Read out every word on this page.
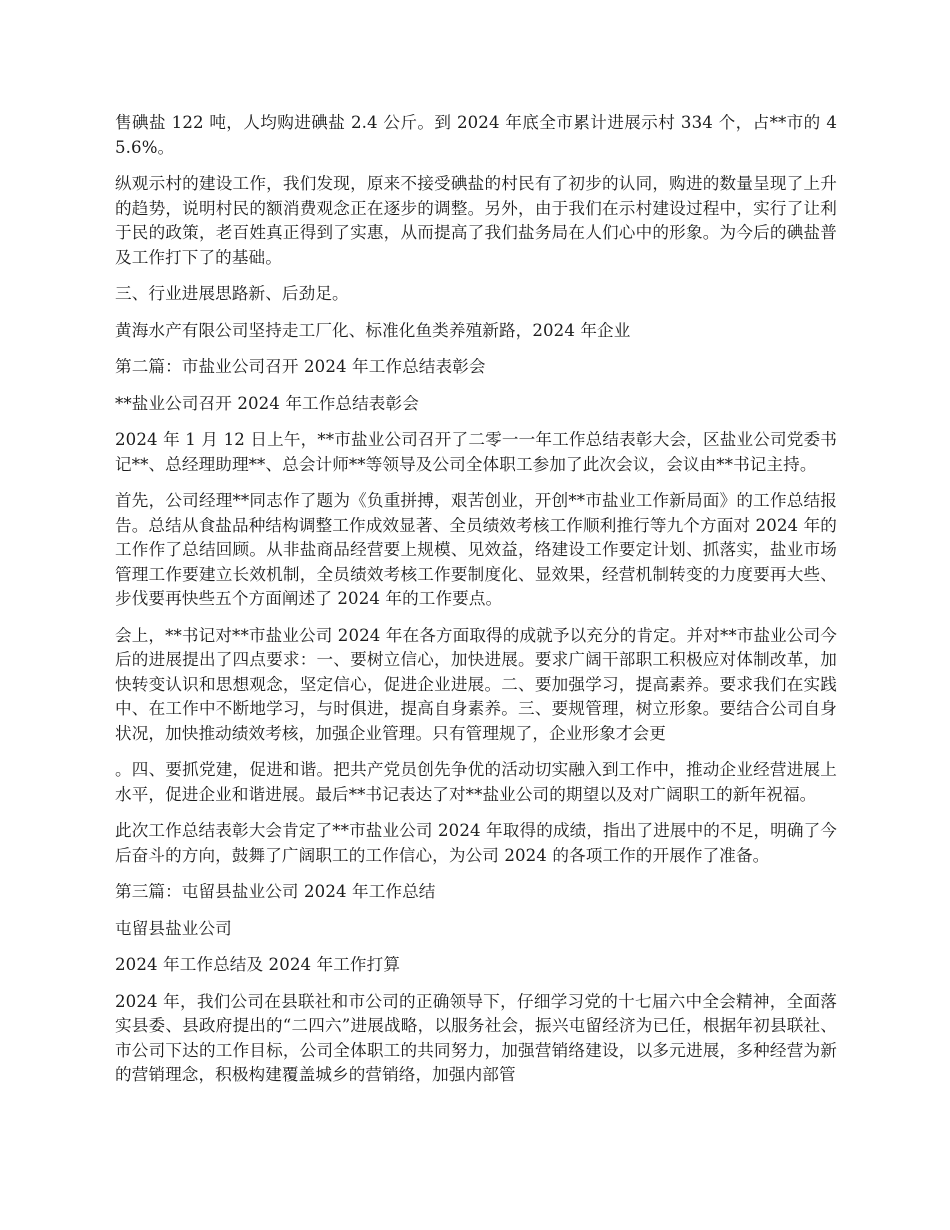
售碘盐 122 吨，人均购进碘盐 2.4 公斤。到 2024 年底全市累计进展示村 334 个，占**市的 45.6%。

纵观示村的建设工作，我们发现，原来不接受碘盐的村民有了初步的认同，购进的数量呈现了上升的趋势，说明村民的额消费观念正在逐步的调整。另外，由于我们在示村建设过程中，实行了让利于民的政策，老百姓真正得到了实惠，从而提高了我们盐务局在人们心中的形象。为今后的碘盐普及工作打下了的基础。

三、行业进展思路新、后劲足。

黄海水产有限公司坚持走工厂化、标准化鱼类养殖新路，2024 年企业

第二篇：市盐业公司召开 2024 年工作总结表彰会

**盐业公司召开 2024 年工作总结表彰会

2024 年 1 月 12 日上午，**市盐业公司召开了二零一一年工作总结表彰大会，区盐业公司党委书记**、总经理助理**、总会计师**等领导及公司全体职工参加了此次会议，会议由**书记主持。

首先，公司经理**同志作了题为《负重拼搏，艰苦创业，开创**市盐业工作新局面》的工作总结报告。总结从食盐品种结构调整工作成效显著、全员绩效考核工作顺利推行等九个方面对 2024 年的工作作了总结回顾。从非盐商品经营要上规模、见效益，络建设工作要定计划、抓落实，盐业市场管理工作要建立长效机制，全员绩效考核工作要制度化、显效果，经营机制转变的力度要再大些、步伐要再快些五个方面阐述了 2024 年的工作要点。

会上，**书记对**市盐业公司 2024 年在各方面取得的成就予以充分的肯定。并对**市盐业公司今后的进展提出了四点要求：一、要树立信心，加快进展。要求广阔干部职工积极应对体制改革，加快转变认识和思想观念，坚定信心，促进企业进展。二、要加强学习，提高素养。要求我们在实践中、在工作中不断地学习，与时俱进，提高自身素养。三、要规管理，树立形象。要结合公司自身状况，加快推动绩效考核，加强企业管理。只有管理规了，企业形象才会更

。四、要抓党建，促进和谐。把共产党员创先争优的活动切实融入到工作中，推动企业经营进展上水平，促进企业和谐进展。最后**书记表达了对**盐业公司的期望以及对广阔职工的新年祝福。

此次工作总结表彰大会肯定了**市盐业公司 2024 年取得的成绩，指出了进展中的不足，明确了今后奋斗的方向，鼓舞了广阔职工的工作信心，为公司 2024 的各项工作的开展作了准备。

第三篇：屯留县盐业公司 2024 年工作总结

屯留县盐业公司

2024 年工作总结及 2024 年工作打算

2024 年，我们公司在县联社和市公司的正确领导下，仔细学习党的十七届六中全会精神，全面落实县委、县政府提出的“二四六”进展战略，以服务社会，振兴屯留经济为已任，根据年初县联社、市公司下达的工作目标，公司全体职工的共同努力，加强营销络建设，以多元进展，多种经营为新的营销理念，积极构建覆盖城乡的营销络，加强内部管
